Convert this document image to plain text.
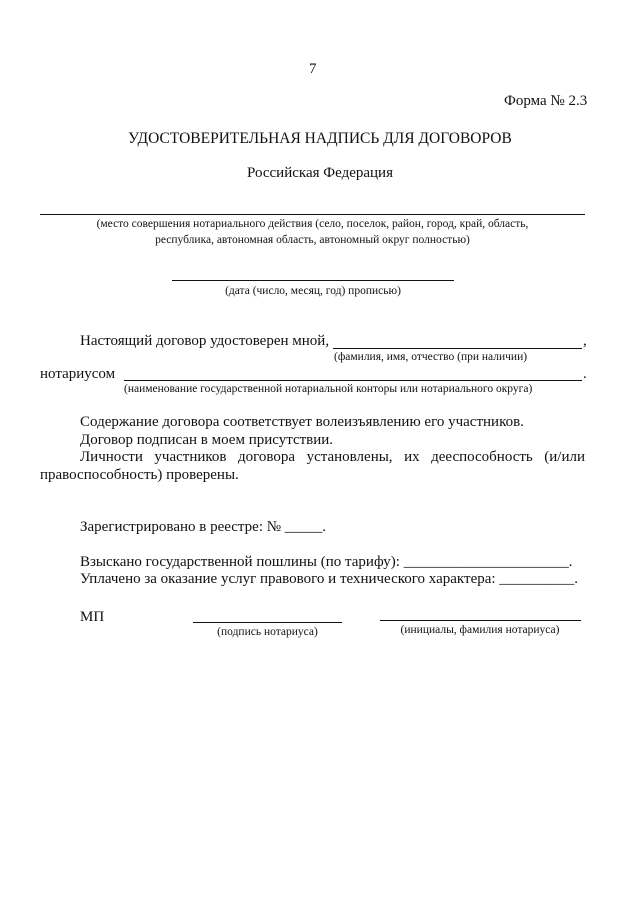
7
Форма № 2.3
УДОСТОВЕРИТЕЛЬНАЯ НАДПИСЬ ДЛЯ ДОГОВОРОВ
Российская Федерация
(место совершения нотариального действия (село, поселок, район, город, край, область,
республика, автономная область, автономный округ полностью)
(дата (число, месяц, год) прописью)
Настоящий договор удостоверен мной,	,
(фамилия, имя, отчество (при наличии)
нотариусом	.
(наименование государственной нотариальной конторы или нотариального округа)
Содержание договора соответствует волеизъявлению его участников.
Договор подписан в моем присутствии.
Личности участников договора установлены, их дееспособность (и/или
правоспособность) проверены.
Зарегистрировано в реестре: № _____.
Взыскано государственной пошлины (по тарифу): ______________________.
Уплачено за оказание услуг правового и технического характера: __________.
МП
(подпись нотариуса)	(инициалы, фамилия нотариуса)
